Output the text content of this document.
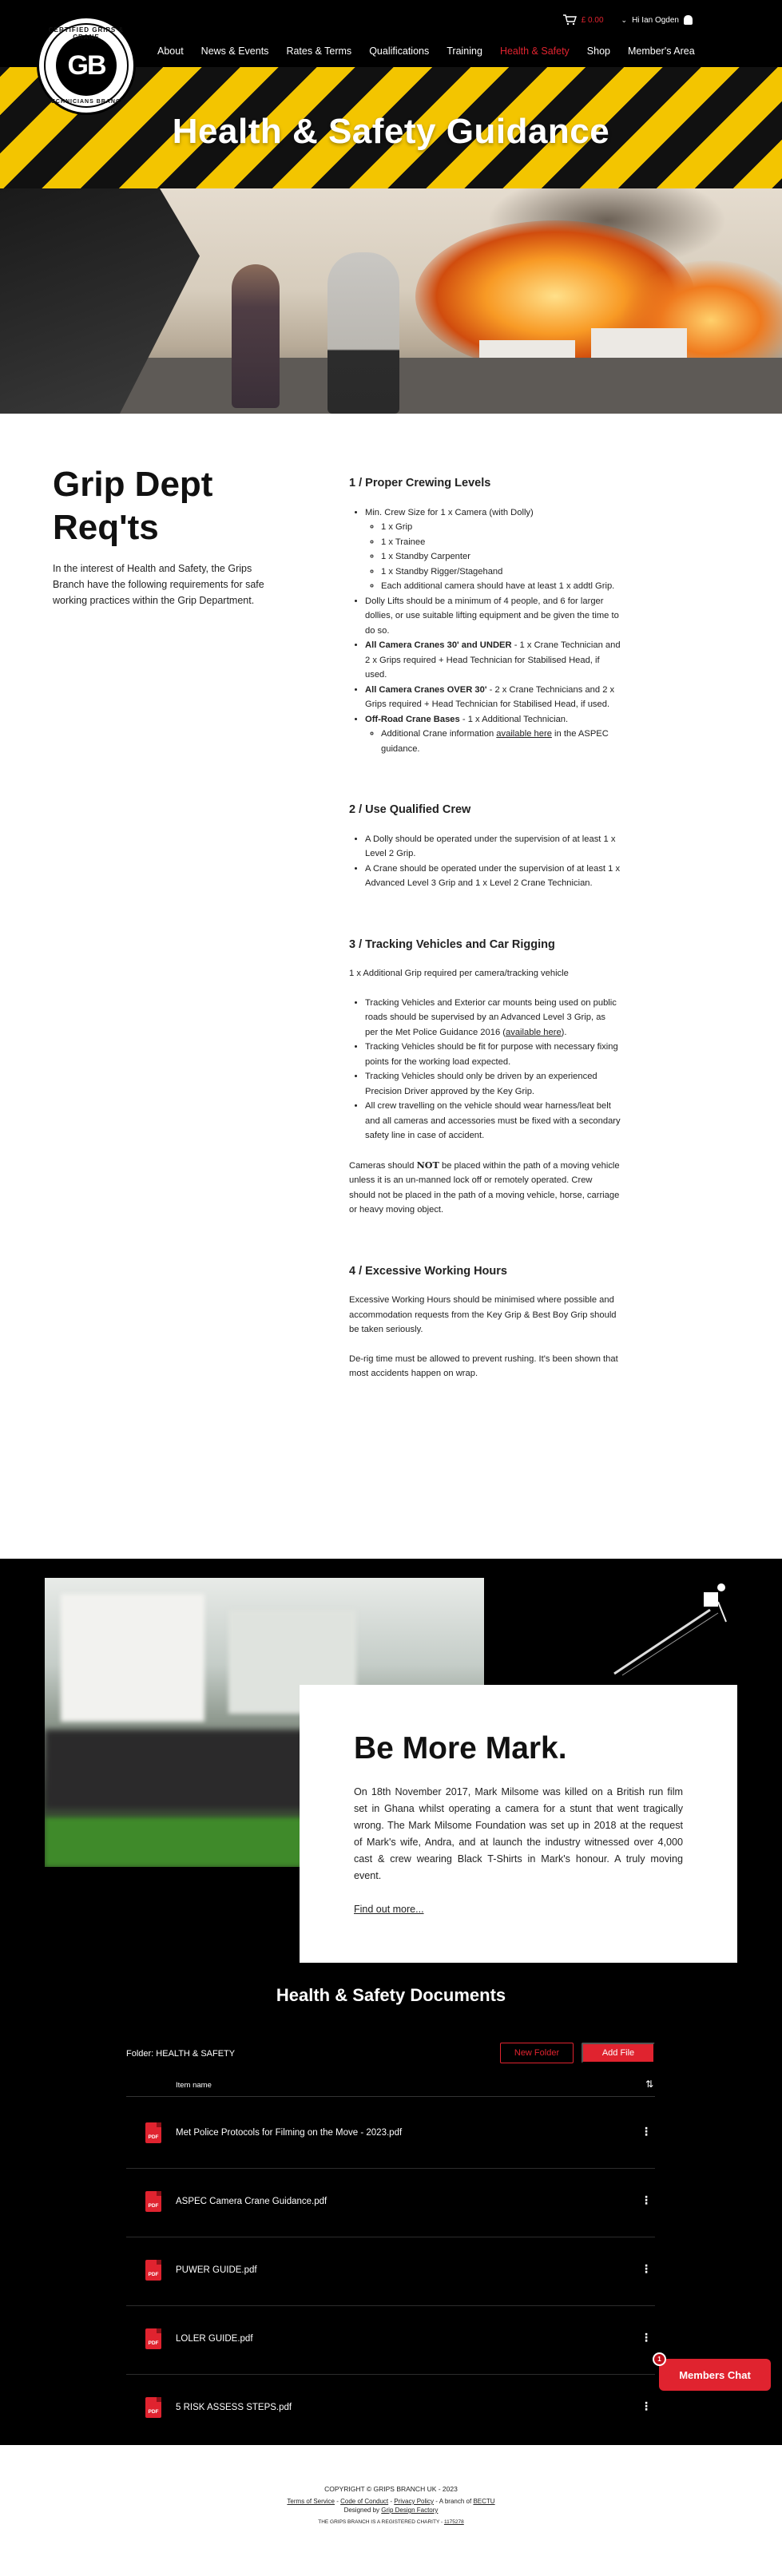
CERTIFIED GRIPS & CRANE
GB
TECHNICIANS BRANCH
£ 0.00 ⌄ Hi Ian Ogden
About	News & Events	Rates & Terms	Qualifications	Training	Health & Safety	Shop	Member's Area
Health & Safety Guidance
Grip Dept Req'ts

In the interest of Health and Safety, the Grips Branch have the following requirements for safe working practices within the Grip Department.

1 / Proper Crewing Levels
• Min. Crew Size for 1 x Camera (with Dolly)
◦ 1 x Grip
◦ 1 x Trainee
◦ 1 x Standby Carpenter
◦ 1 x Standby Rigger/Stagehand
◦ Each additional camera should have at least 1 x addtl Grip.
• Dolly Lifts should be a minimum of 4 people, and 6 for larger dollies, or use suitable lifting equipment and be given the time to do so.
• All Camera Cranes 30' and UNDER - 1 x Crane Technician and 2 x Grips required + Head Technician for Stabilised Head, if used.
• All Camera Cranes OVER 30' - 2 x Crane Technicians and 2 x Grips required + Head Technician for Stabilised Head, if used.
• Off-Road Crane Bases - 1 x Additional Technician.
◦ Additional Crane information available here in the ASPEC guidance.
2 / Use Qualified Crew
• A Dolly should be operated under the supervision of at least 1 x Level 2 Grip.
• A Crane should be operated under the supervision of at least 1 x Advanced Level 3 Grip and 1 x Level 2 Crane Technician.
3 / Tracking Vehicles and Car Rigging

1 x Additional Grip required per camera/tracking vehicle

• Tracking Vehicles and Exterior car mounts being used on public roads should be supervised by an Advanced Level 3 Grip, as per the Met Police Guidance 2016 (available here).
• Tracking Vehicles should be fit for purpose with necessary fixing points for the working load expected.
• Tracking Vehicles should only be driven by an experienced Precision Driver approved by the Key Grip.
• All crew travelling on the vehicle should wear harness/leat belt and all cameras and accessories must be fixed with a secondary safety line in case of accident.

Cameras should NOT be placed within the path of a moving vehicle unless it is an un-manned lock off or remotely operated. Crew should not be placed in the path of a moving vehicle, horse, carriage or heavy moving object.

4 / Excessive Working Hours

Excessive Working Hours should be minimised where possible and accommodation requests from the Key Grip & Best Boy Grip should be taken seriously.

De-rig time must be allowed to prevent rushing. It's been shown that most accidents happen on wrap.

Be More Mark.

On 18th November 2017, Mark Milsome was killed on a British run film set in Ghana whilst operating a camera for a stunt that went tragically wrong. The Mark Milsome Foundation was set up in 2018 at the request of Mark's wife, Andra, and at launch the industry witnessed over 4,000 cast & crew wearing Black T-Shirts in Mark's honour. A truly moving event.

Find out more...
Health & Safety Documents
Folder: HEALTH & SAFETY	New Folder	Add File
Item name	⇅
PDF	Met Police Protocols for Filming on the Move - 2023.pdf	⋮
PDF	ASPEC Camera Crane Guidance.pdf	⋮
PDF	PUWER GUIDE.pdf	⋮
PDF	LOLER GUIDE.pdf	⋮
PDF	5 RISK ASSESS STEPS.pdf	⋮
COPYRIGHT © GRIPS BRANCH UK - 2023
Terms of Service - Code of Conduct - Privacy Policy - A branch of BECTU
Designed by Grip Design Factory
THE GRIPS BRANCH IS A REGISTERED CHARITY - 1175278
1
Members Chat
